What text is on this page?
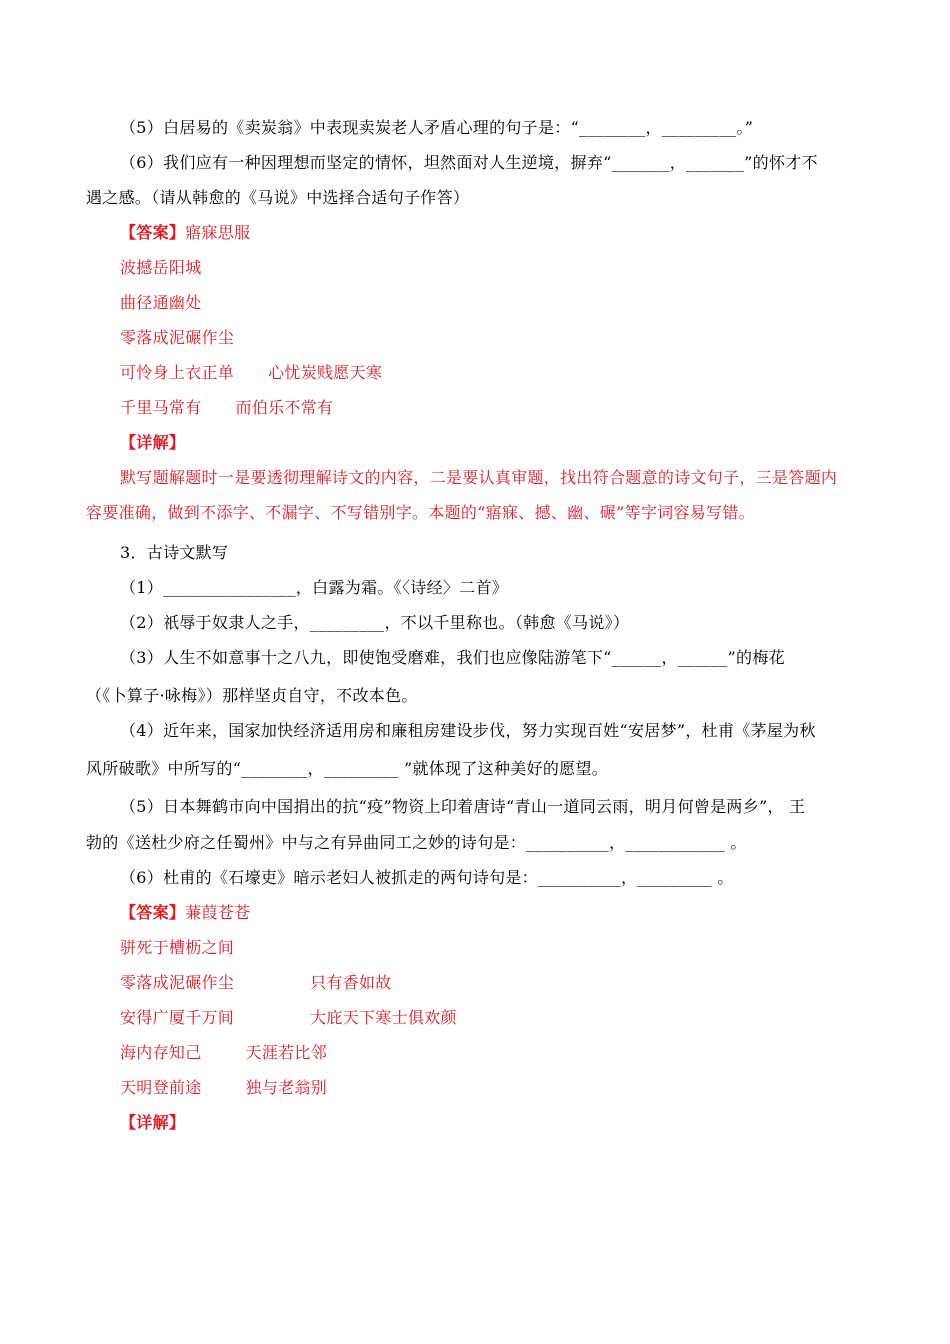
（5）白居易的《卖炭翁》中表现卖炭老人矛盾心理的句子是：“________，_________。”
（6）我们应有一种因理想而坚定的情怀，坦然面对人生逆境，摒弃“_______，_______”的怀才不
遇之感。（请从韩愈的《马说》中选择合适句子作答）
【答案】寤寐思服
波撼岳阳城
曲径通幽处
零落成泥碾作尘
可怜身上衣正单 心忧炭贱愿天寒
千里马常有 而伯乐不常有
【详解】
默写题解题时一是要透彻理解诗文的内容，二是要认真审题，找出符合题意的诗文句子，三是答题内
容要准确，做到不添字、不漏字、不写错别字。本题的“寤寐、撼、幽、碾”等字词容易写错。
3．古诗文默写
（1）________________，白露为霜。《〈诗经〉二首》
（2）祇辱于奴隶人之手，_________，不以千里称也。（韩愈《马说》）
（3）人生不如意事十之八九，即使饱受磨难，我们也应像陆游笔下“______，______”的梅花
（《卜算子·咏梅》）那样坚贞自守，不改本色。
（4）近年来，国家加快经济适用房和廉租房建设步伐，努力实现百姓“安居梦”，杜甫《茅屋为秋
风所破歌》中所写的“________，_________ ”就体现了这种美好的愿望。
（5）日本舞鹤市向中国捐出的抗“疫”物资上印着唐诗“青山一道同云雨，明月何曾是两乡”， 王
勃的《送杜少府之任蜀州》中与之有异曲同工之妙的诗句是：__________，____________ 。
（6）杜甫的《石壕吏》暗示老妇人被抓走的两句诗句是：__________，_________ 。
【答案】蒹葭苍苍
骈死于槽枥之间
零落成泥碾作尘	只有香如故
安得广厦千万间	大庇天下寒士俱欢颜
海内存知己	天涯若比邻
天明登前途	独与老翁别
【详解】
